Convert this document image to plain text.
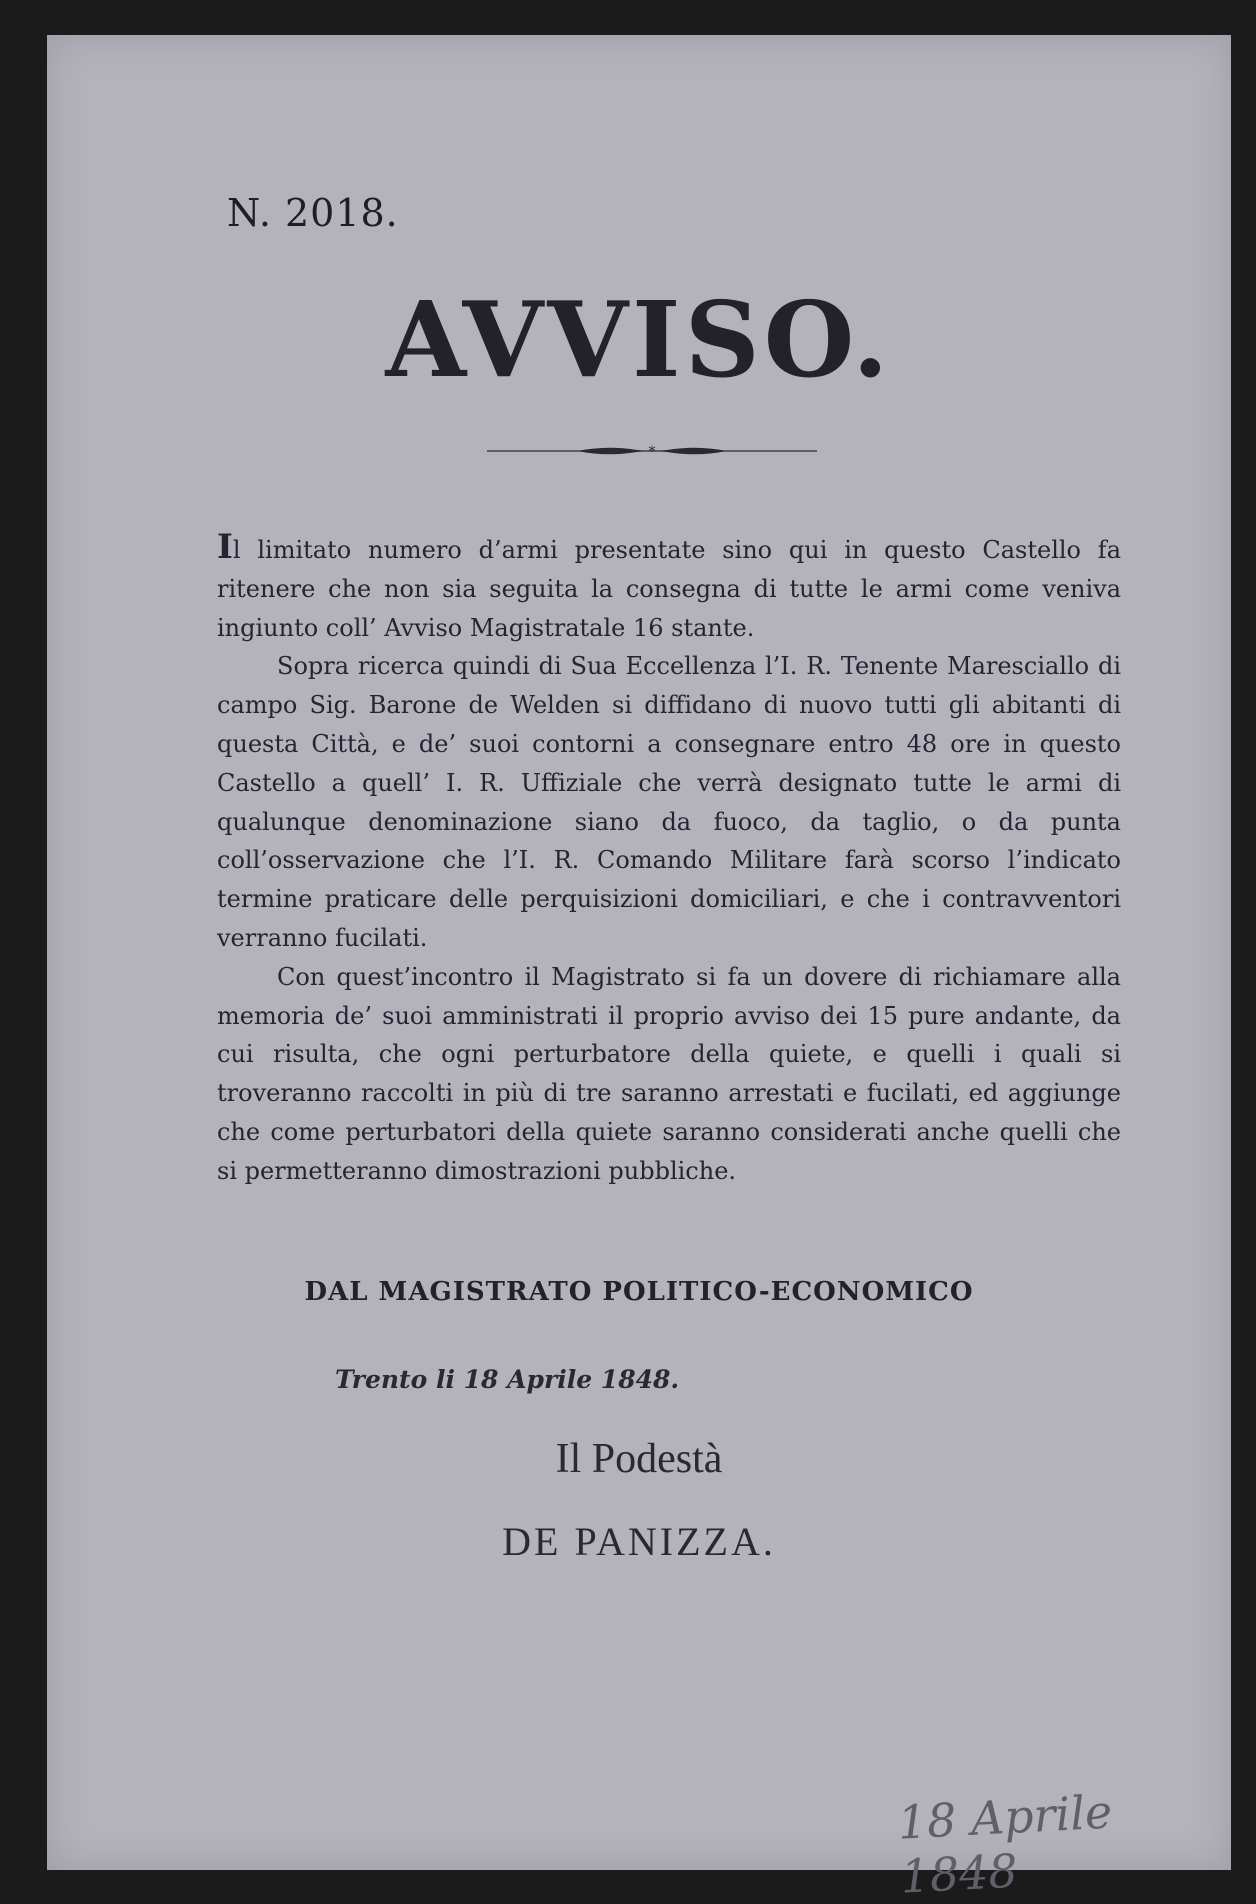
N. 2018.
AVVISO.
*

Il limitato numero d’armi presentate sino qui in questo Castello fa ritenere che non sia seguita la consegna di tutte le armi come veniva ingiunto coll’ Avviso Magistratale 16 stante.

Sopra ricerca quindi di Sua Eccellenza l’I. R. Tenente Maresciallo di campo Sig. Barone de Welden si diffidano di nuovo tutti gli abitanti di questa Città, e de’ suoi contorni a consegnare entro 48 ore in questo Castello a quell’ I. R. Uffiziale che verrà designato tutte le armi di qualunque denominazione siano da fuoco, da taglio, o da punta coll’osservazione che l’I. R. Comando Militare farà scorso l’indicato termine praticare delle perquisizioni domiciliari, e che i contravventori verranno fucilati.

Con quest’incontro il Magistrato si fa un dovere di richiamare alla memoria de’ suoi amministrati il proprio avviso dei 15 pure andante, da cui risulta, che ogni perturbatore della quiete, e quelli i quali si troveranno raccolti in più di tre saranno arrestati e fucilati, ed aggiunge che come perturbatori della quiete saranno considerati anche quelli che si permetteranno dimostrazioni pubbliche.

DAL MAGISTRATO POLITICO-ECONOMICO
Trento li 18 Aprile 1848.
Il Podestà
DE PANIZZA.
18 Aprile 1848
